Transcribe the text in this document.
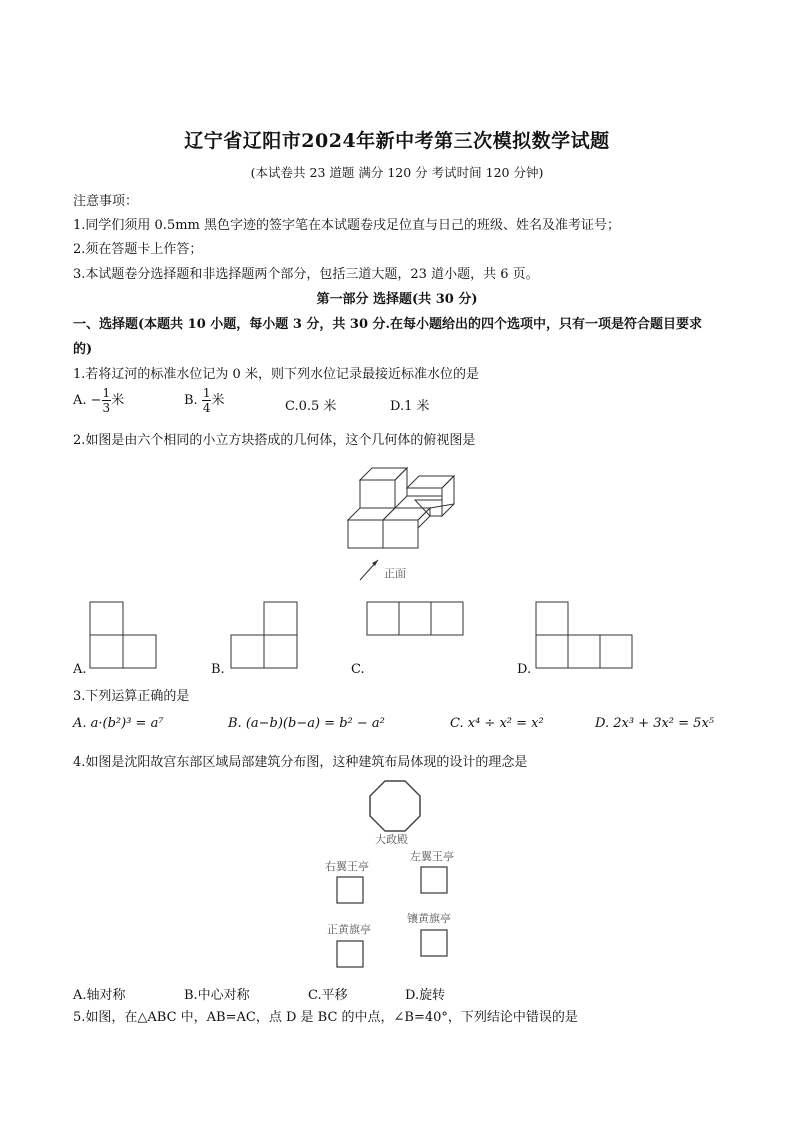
辽宁省辽阳市2024年新中考第三次模拟数学试题
(本试卷共 23 道题 满分 120 分 考试时间 120 分钟)
注意事项：
1.同学们须用 0.5mm 黑色字迹的签字笔在本试题卷戌足位直与日己的班级、姓名及准考证号；
2.须在答题卡上作答；
3.本试题卷分选择题和非选择题两个部分，包括三道大题，23 道小题，共 6 页。
第一部分 选择题(共 30 分)
一、选择题(本题共 10 小题，每小题 3 分，共 30 分.在每小题给出的四个选项中，只有一项是符合题目要求
的)
1.若将辽河的标准水位记为 0 米，则下列水位记录最接近标准水位的是
A. − $\frac{1}{3}$ 米	B. $\frac{1}{4}$ 米	C.0.5 米	D.1 米
2.如图是由六个相同的小立方块搭成的几何体，这个几何体的俯视图是
正面
A.	B.	C.	D.
3.下列运算正确的是
A. a·(b²)³ = a⁷	B. (a−b)(b−a) = b² − a²	C. x⁴ ÷ x² = x²	D. 2x³ + 3x² = 5x⁵
4.如图是沈阳故宫东部区域局部建筑分布图，这种建筑布局体现的设计的理念是
大政殿
右翼王亭
左翼王亭
正黄旗亭
镶黄旗亭
A.轴对称	B.中心对称	C.平移	D.旋转
5.如图，在△ABC 中，AB=AC，点 D 是 BC 的中点，∠B=40°，下列结论中错误的是
